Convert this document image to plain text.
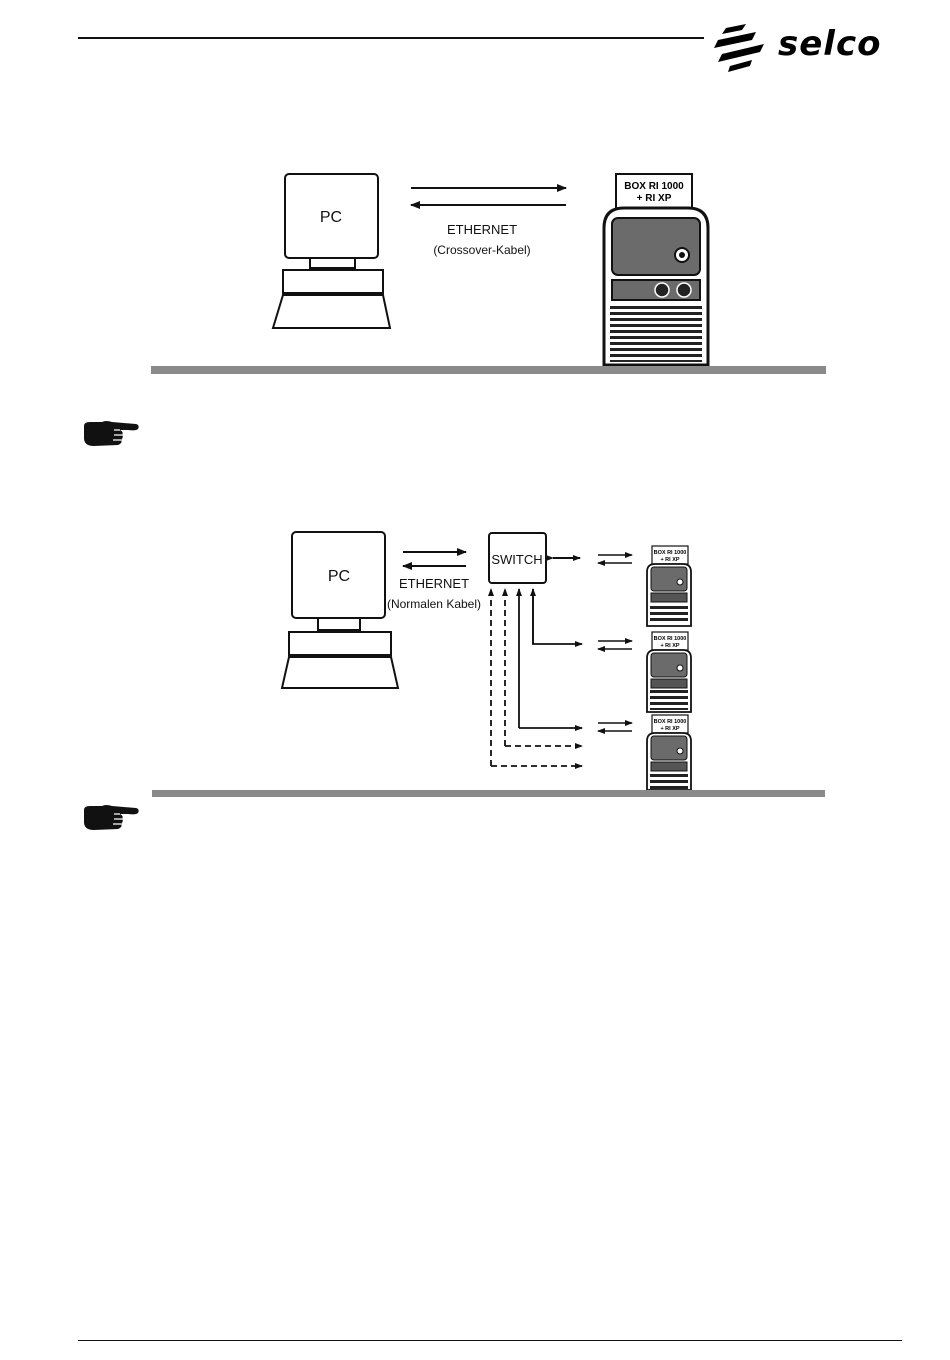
selco
PC
ETHERNET
(Crossover-Kabel)
BOX RI 1000
+ RI XP
PC	ETHERNET
(Normalen Kabel)
SWITCH	BOX RI 1000
+ RI XP
BOX RI 1000
+ RI XP
BOX RI 1000
+ RI XP
